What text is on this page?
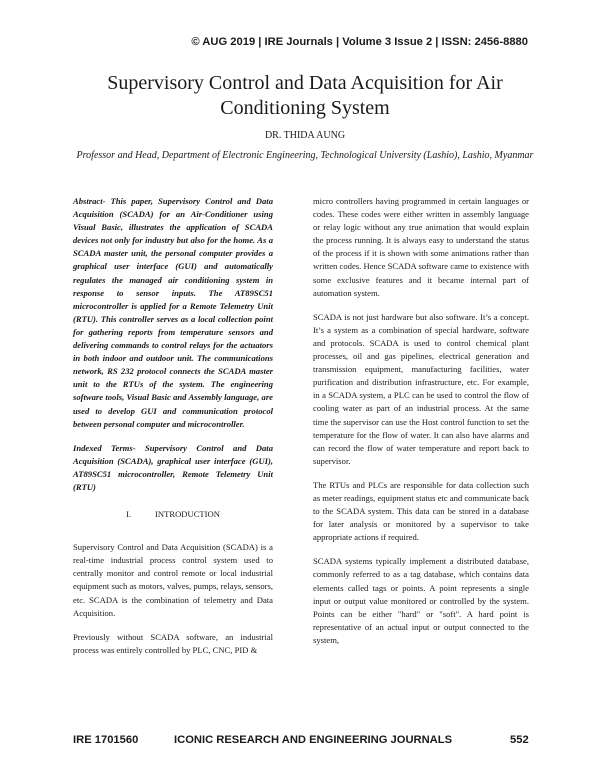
© AUG 2019 | IRE Journals | Volume 3 Issue 2 | ISSN: 2456-8880
Supervisory Control and Data Acquisition for Air
Conditioning System
DR. THIDA AUNG
Professor and Head, Department of Electronic Engineering, Technological University (Lashio), Lashio, Myanmar

Abstract- This paper, Supervisory Control and Data Acquisition (SCADA) for an Air-Conditioner using Visual Basic, illustrates the application of SCADA devices not only for industry but also for the home. As a SCADA master unit, the personal computer provides a graphical user interface (GUI) and automatically regulates the managed air conditioning system in response to sensor inputs. The AT89SC51 microcontroller is applied for a Remote Telemetry Unit (RTU). This controller serves as a local collection point for gathering reports from temperature sensors and delivering commands to control relays for the actuators in both indoor and outdoor unit. The communications network, RS 232 protocol connects the SCADA master unit to the RTUs of the system. The engineering software tools, Visual Basic and Assembly language, are used to develop GUI and communication protocol between personal computer and microcontroller.

Indexed Terms- Supervisory Control and Data Acquisition (SCADA), graphical user interface (GUI), AT89SC51 microcontroller, Remote Telemetry Unit (RTU)

I.	INTRODUCTION

Supervisory Control and Data Acquisition (SCADA) is a real-time industrial process control system used to centrally monitor and control remote or local industrial equipment such as motors, valves, pumps, relays, sensors, etc. SCADA is the combination of telemetry and Data Acquisition.

Previously without SCADA software, an industrial process was entirely controlled by PLC, CNC, PID &

micro controllers having programmed in certain languages or codes. These codes were either written in assembly language or relay logic without any true animation that would explain the process running. It is always easy to understand the status of the process if it is shown with some animations rather than written codes. Hence SCADA software came to existence with some exclusive features and it became internal part of automation system.

SCADA is not just hardware but also software. It’s a concept. It’s a system as a combination of special hardware, software and protocols. SCADA is used to control chemical plant processes, oil and gas pipelines, electrical generation and transmission equipment, manufacturing facilities, water purification and distribution infrastructure, etc. For example, in a SCADA system, a PLC can be used to control the flow of cooling water as part of an industrial process. At the same time the supervisor can use the Host control function to set the temperature for the flow of water. It can also have alarms and can record the flow of water temperature and report back to supervisor.

The RTUs and PLCs are responsible for data collection such as meter readings, equipment status etc and communicate back to the SCADA system. This data can be stored in a database for later analysis or monitored by a supervisor to take appropriate actions if required.

SCADA systems typically implement a distributed database, commonly referred to as a tag database, which contains data elements called tags or points. A point represents a single input or output value monitored or controlled by the system. Points can be either "hard" or "soft". A hard point is representative of an actual input or output connected to the system,

IRE 1701560	ICONIC RESEARCH AND ENGINEERING JOURNALS	552
